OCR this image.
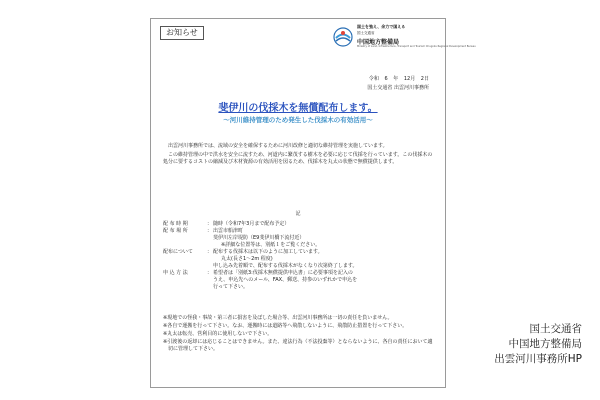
お知らせ
国土を強え、余力で国える
国土交通省
中国地方整備局
Ministry of Land, Infrastructure, Transport and Tourism Chugoku Regional Development Bureau
令和 6 年 12月 2日
国土交通省 出雲河川事務所
斐伊川の伐採木を無償配布します。
～河川維持管理のため発生した伐採木の有効活用～

出雲河川事務所では、流域の安全を確保するために河川改修と適切な維持管理を実施しています。

この維持管理の中で洪水を安全に流すため、河道内に繁茂する樹木を必要に応じて伐採を行っています。この伐採木の処分に要するコストの縮減及び木材資源の有効活用を図るため、伐採木を丸太の状態で無償提供します。

記
配 布 時 期	： 随時（令和7年3月まで配布予定）
配 布 場 所	： 出雲市船津町
斐伊川左岸堤防（E9斐伊川橋下流付近）
※詳細な位置等は、別紙１をご覧ください。
配布について	： 配布する伐採木は以下のように加工しています。
丸太(長さ1～2m 程度)
申し込み先着順で、配布する伐採木がなくなり次第終了します。
申 込 方 法	： 希望者は「別紙3:伐採木無償提供申込書」に必要事項を記入の
うえ、申込先へのメール、FAX、郵送、持参のいずれかで申込を
行って下さい。

※現地での怪我・事故・第三者に損害を及ぼした場合等、出雲河川事務所は一切の責任を負いません。

※各自で運搬を行って下さい。なお、運搬時には道路等へ飛散しないように、飛散防止措置を行って下さい。

※丸太は転売、営利目的に使用しないで下さい。

※引渡後の返却には応じることはできません。また、違法行為（不法投棄等）とならないように、各自の責任において適切に管理して下さい。

国土交通省
中国地方整備局
出雲河川事務所HP
